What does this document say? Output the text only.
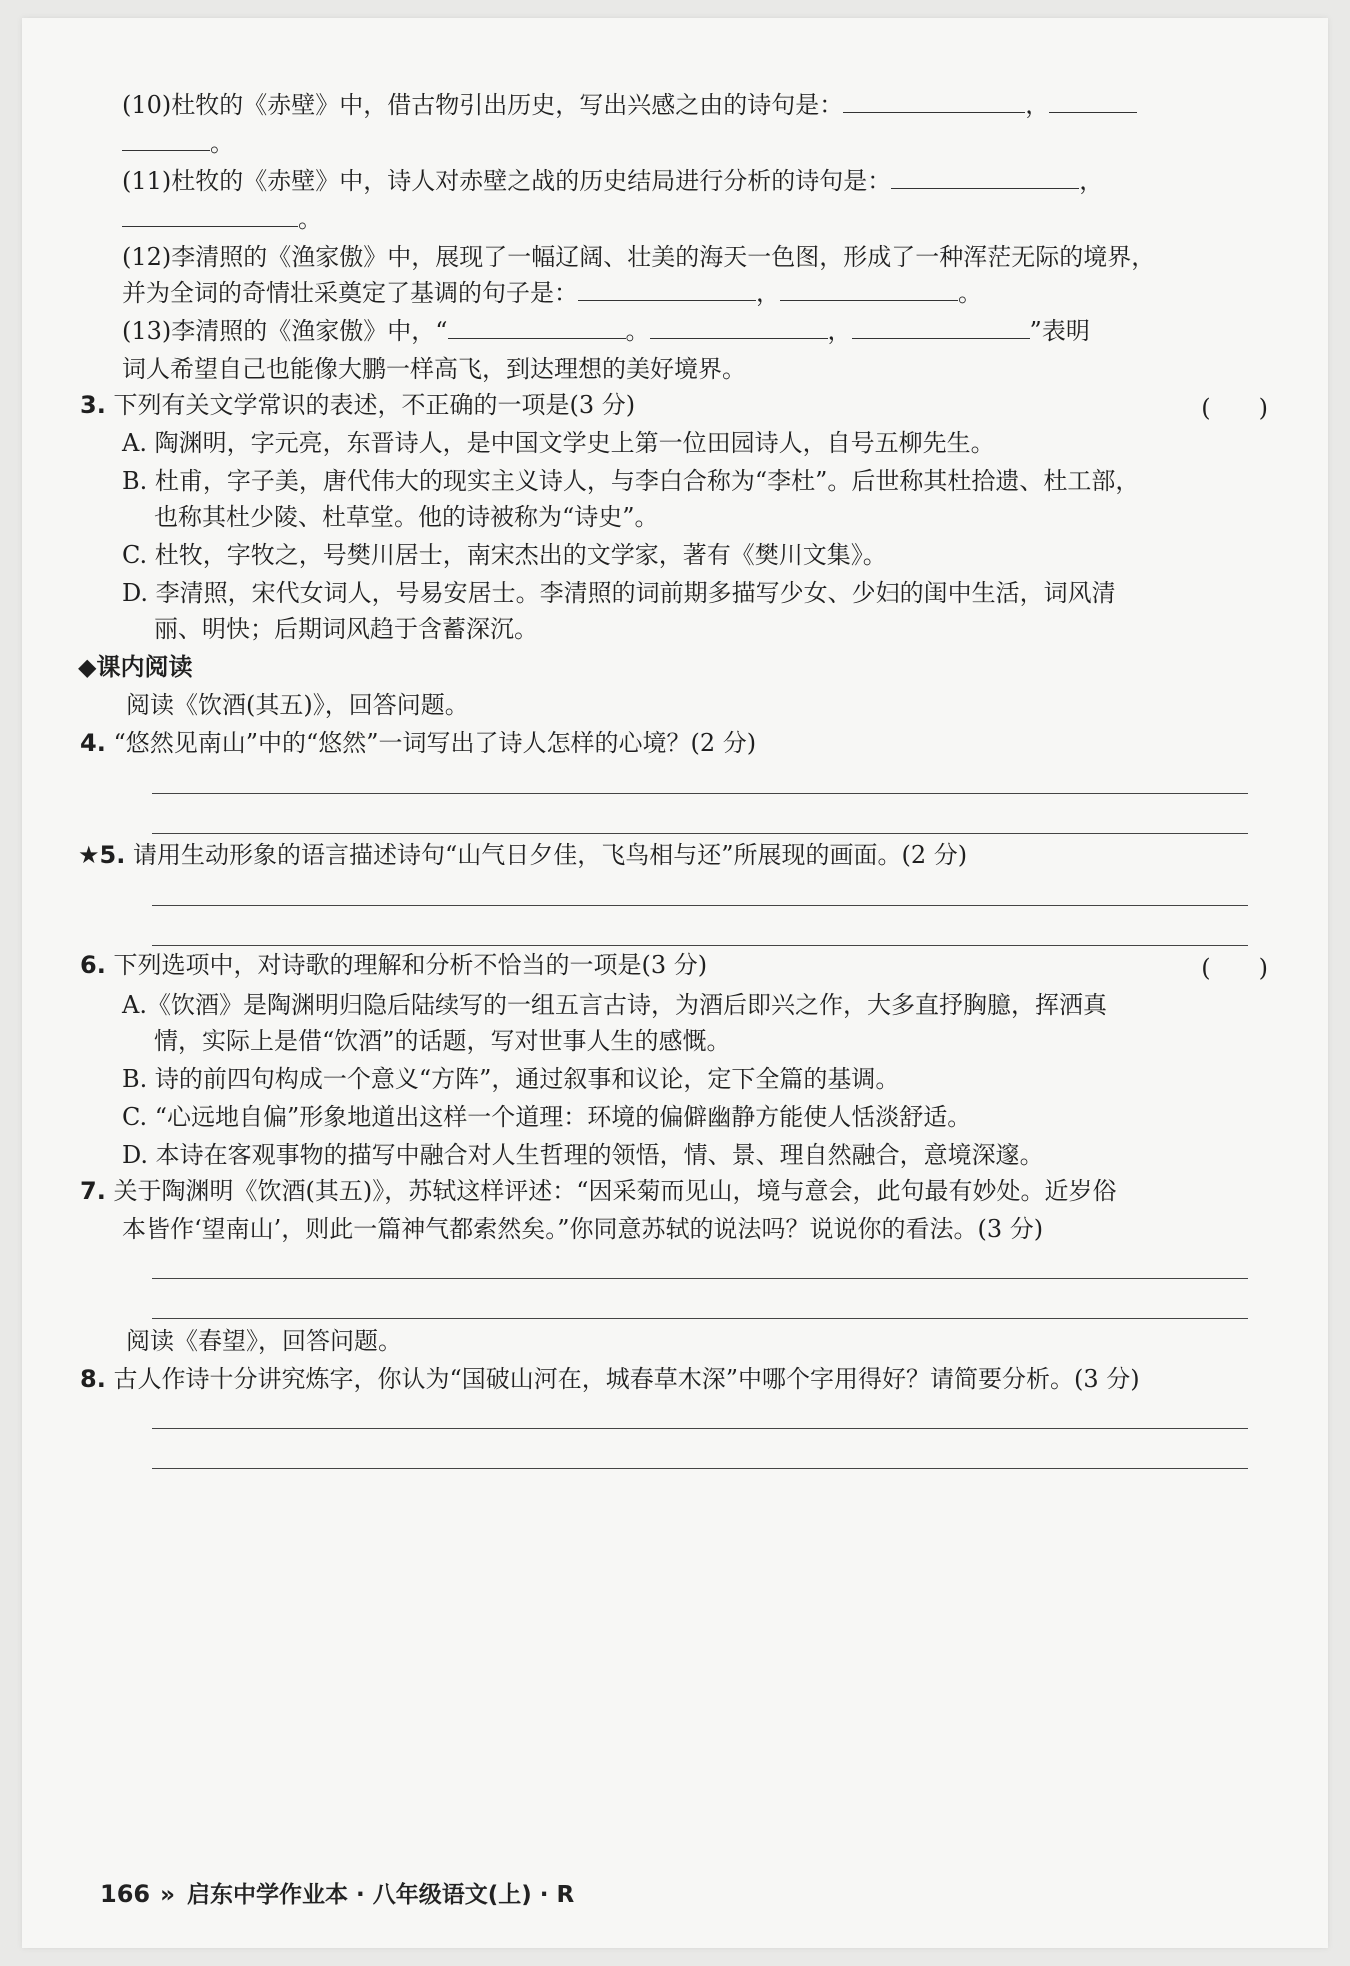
(10)杜牧的《赤壁》中，借古物引出历史，写出兴感之由的诗句是：	，
。
(11)杜牧的《赤壁》中，诗人对赤壁之战的历史结局进行分析的诗句是：	，
。
(12)李清照的《渔家傲》中，展现了一幅辽阔、壮美的海天一色图，形成了一种浑茫无际的境界，
并为全词的奇情壮采奠定了基调的句子是：	，	。
(13)李清照的《渔家傲》中，“	。	，	”表明
词人希望自己也能像大鹏一样高飞，到达理想的美好境界。
3. 下列有关文学常识的表述，不正确的一项是(3 分)	(　　)
A. 陶渊明，字元亮，东晋诗人，是中国文学史上第一位田园诗人，自号五柳先生。
B. 杜甫，字子美，唐代伟大的现实主义诗人，与李白合称为“李杜”。后世称其杜拾遗、杜工部，
也称其杜少陵、杜草堂。他的诗被称为“诗史”。
C. 杜牧，字牧之，号樊川居士，南宋杰出的文学家，著有《樊川文集》。
D. 李清照，宋代女词人，号易安居士。李清照的词前期多描写少女、少妇的闺中生活，词风清
丽、明快；后期词风趋于含蓄深沉。
◆课内阅读
阅读《饮酒(其五)》，回答问题。
4. “悠然见南山”中的“悠然”一词写出了诗人怎样的心境？(2 分)
★5. 请用生动形象的语言描述诗句“山气日夕佳，飞鸟相与还”所展现的画面。(2 分)
6. 下列选项中，对诗歌的理解和分析不恰当的一项是(3 分)	(　　)
A.《饮酒》是陶渊明归隐后陆续写的一组五言古诗，为酒后即兴之作，大多直抒胸臆，挥洒真
情，实际上是借“饮酒”的话题，写对世事人生的感慨。
B. 诗的前四句构成一个意义“方阵”，通过叙事和议论，定下全篇的基调。
C. “心远地自偏”形象地道出这样一个道理：环境的偏僻幽静方能使人恬淡舒适。
D. 本诗在客观事物的描写中融合对人生哲理的领悟，情、景、理自然融合，意境深邃。
7. 关于陶渊明《饮酒(其五)》，苏轼这样评述：“因采菊而见山，境与意会，此句最有妙处。近岁俗
本皆作‘望南山’，则此一篇神气都索然矣。”你同意苏轼的说法吗？说说你的看法。(3 分)
阅读《春望》，回答问题。
8. 古人作诗十分讲究炼字，你认为“国破山河在，城春草木深”中哪个字用得好？请简要分析。(3 分)
166 » 启东中学作业本 · 八年级语文(上) · R
